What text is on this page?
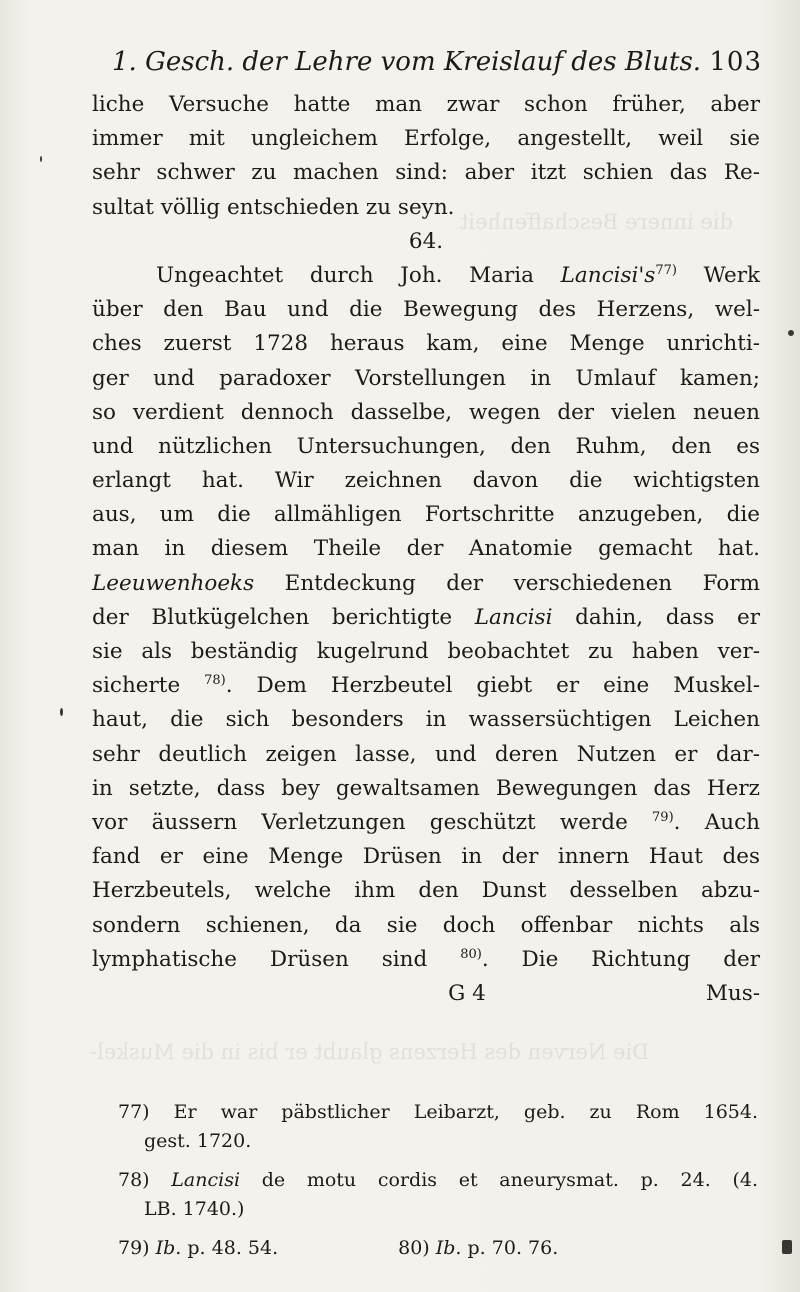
die innere Beschaffenheit
Die Nerven des Herzens glaubt er bis in die Muskel-
1. Gesch. der Lehre vom Kreislauf des Bluts. 103
liche Versuche hatte man zwar schon früher, aber
immer mit ungleichem Erfolge, angestellt, weil sie
sehr schwer zu machen sind: aber itzt schien das Re-
sultat völlig entschieden zu seyn.
64.
Ungeachtet durch Joh. Maria $Lancisi's^{77)}$ Werk
über den Bau und die Bewegung des Herzens, wel-
ches zuerst 1728 heraus kam, eine Menge unrichti-
ger und paradoxer Vorstellungen in Umlauf kamen;
so verdient dennoch dasselbe, wegen der vielen neuen
und nützlichen Untersuchungen, den Ruhm, den es
erlangt hat. Wir zeichnen davon die wichtigsten
aus, um die allmähligen Fortschritte anzugeben, die
man in diesem Theile der Anatomie gemacht hat.
Leeuwenhoeks Entdeckung der verschiedenen Form
der Blutkügelchen berichtigte Lancisi dahin, dass er
sie als beständig kugelrund beobachtet zu haben ver-
sicherte $^{78)}$. Dem Herzbeutel giebt er eine Muskel-
haut, die sich besonders in wassersüchtigen Leichen
sehr deutlich zeigen lasse, und deren Nutzen er dar-
in setzte, dass bey gewaltsamen Bewegungen das Herz
vor äussern Verletzungen geschützt werde $^{79)}$. Auch
fand er eine Menge Drüsen in der innern Haut des
Herzbeutels, welche ihm den Dunst desselben abzu-
sondern schienen, da sie doch offenbar nichts als
lymphatische Drüsen sind $^{80)}$. Die Richtung der
G 4	Mus-
77) Er war päbstlicher Leibarzt, geb. zu Rom 1654.
gest. 1720.
78) Lancisi de motu cordis et aneurysmat. p. 24. (4.
LB. 1740.)
79) Ib. p. 48. 54.	80) Ib. p. 70. 76.
